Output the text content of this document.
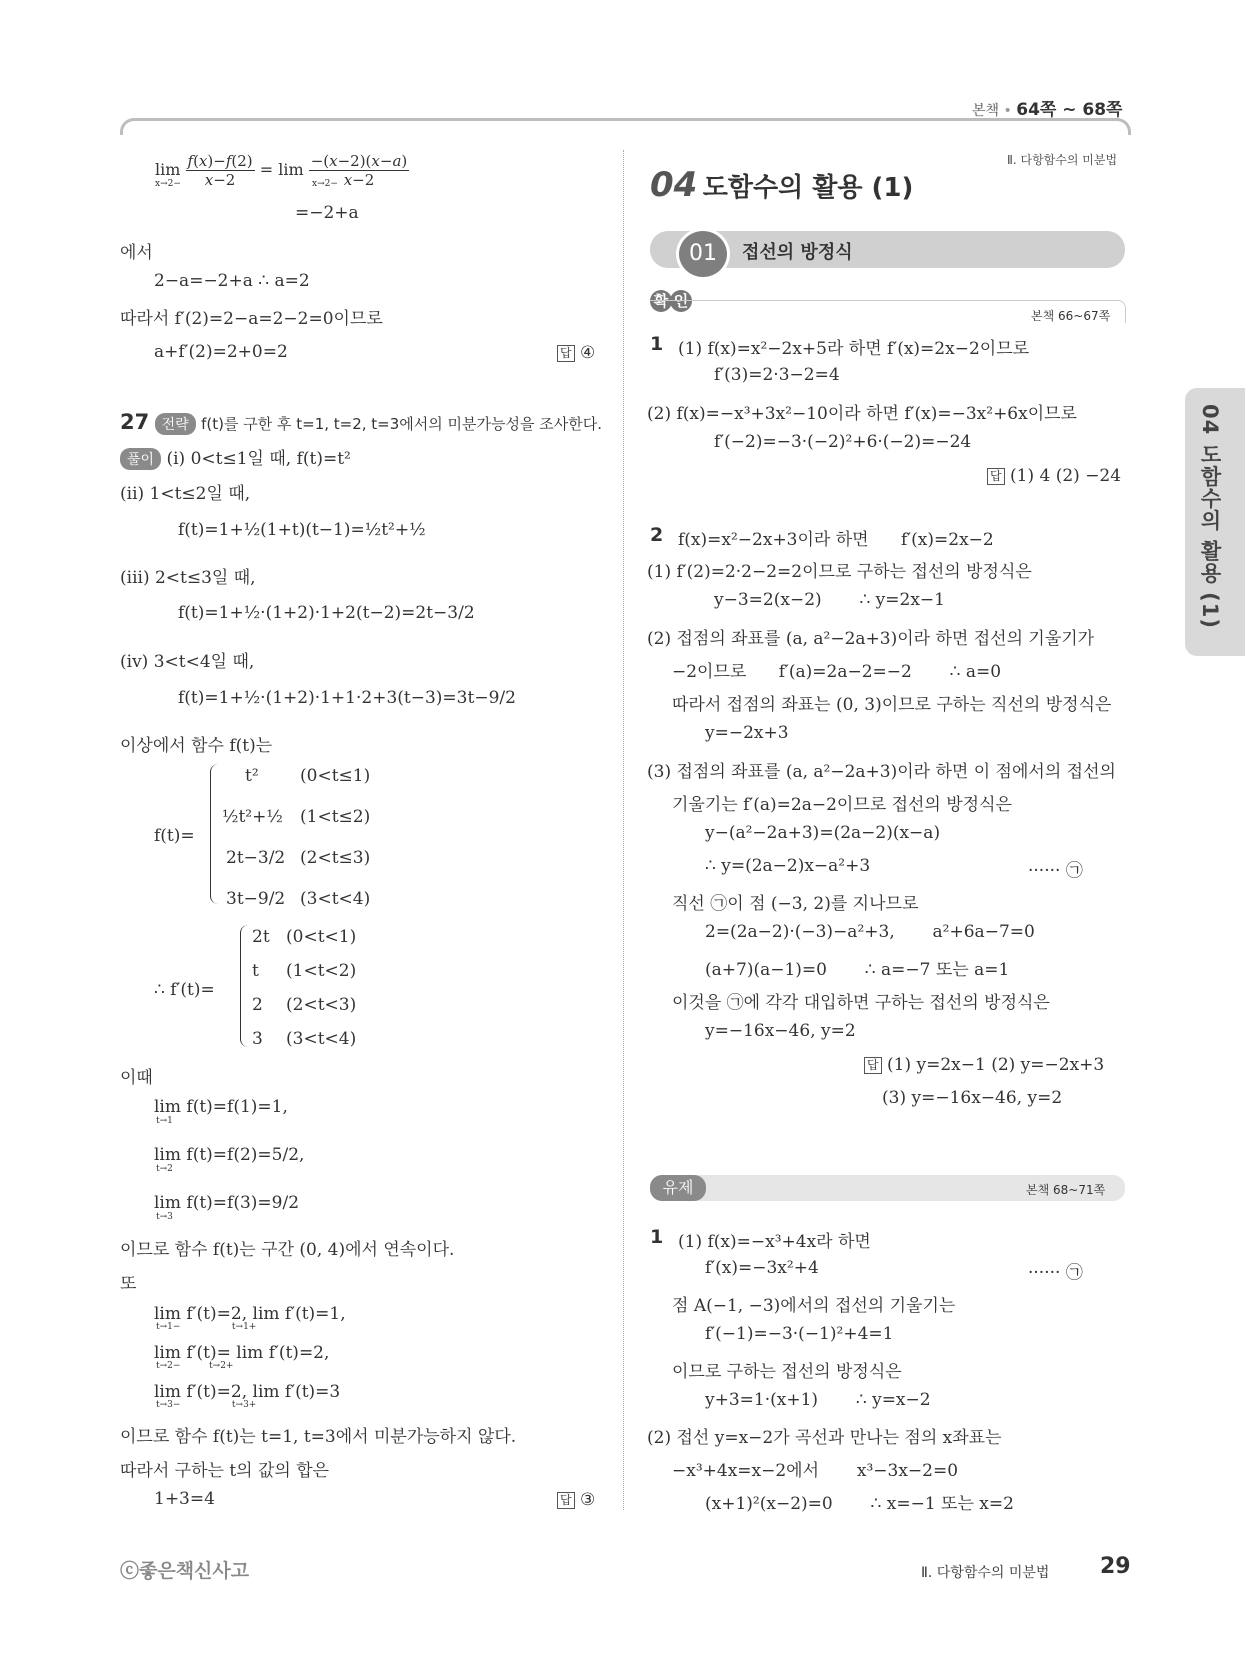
본책 • 64쪽 ~ 68쪽
Ⅱ. 다항함수의 미분법
04 도함수의 활용 (1)
$\lim \frac{f(x)-f(2)}{x-2} = \lim \frac{-(x-2)(x-a)}{x-2}$
x→2−	x→2−
=−2+a
에서
2−a=−2+a ∴ a=2
따라서 f′(2)=2−a=2−2=0이므로
a+f′(2)=2+0=2	답 ④
27 전략 f(t)를 구한 후 t=1, t=2, t=3에서의 미분가능성을 조사한다.
풀이 (i) 0<t≤1일 때, f(t)=t²
(ii) 1<t≤2일 때,
f(t)=1+½(1+t)(t−1)=½t²+½
(iii) 2<t≤3일 때,
f(t)=1+½·(1+2)·1+2(t−2)=2t−3/2
(iv) 3<t<4일 때,
f(t)=1+½·(1+2)·1+1·2+3(t−3)=3t−9/2
이상에서 함수 f(t)는
f(t)=
t² (0<t≤1)
½t²+½ (1<t≤2)
2t−3/2 (2<t≤3)
3t−9/2 (3<t<4)
∴ f′(t)=
2t (0<t<1)
t (1<t<2)
2 (2<t<3)
3 (3<t<4)
이때
lim f(t)=f(1)=1,
t→1
lim f(t)=f(2)=5/2,
t→2
lim f(t)=f(3)=9/2
t→3
이므로 함수 f(t)는 구간 (0, 4)에서 연속이다.
또
lim f′(t)=2, lim f′(t)=1,
t→1−                  t→1+
lim f′(t)= lim f′(t)=2,
t→2−          t→2+
lim f′(t)=2, lim f′(t)=3
t→3−                  t→3+
이므로 함수 f(t)는 t=1, t=3에서 미분가능하지 않다.
따라서 구하는 t의 값의 합은
1+3=4	답 ③
04 도함수의 활용 (1)
01	접선의 방정식
확 인
본책 66~67쪽
1 (1) f(x)=x²−2x+5라 하면 f′(x)=2x−2이므로
f′(3)=2·3−2=4
(2) f(x)=−x³+3x²−10이라 하면 f′(x)=−3x²+6x이므로
f′(−2)=−3·(−2)²+6·(−2)=−24
답 (1) 4 (2) −24
2 f(x)=x²−2x+3이라 하면      f′(x)=2x−2
(1) f′(2)=2·2−2=2이므로 구하는 접선의 방정식은
y−3=2(x−2)       ∴ y=2x−1
(2) 접점의 좌표를 (a, a²−2a+3)이라 하면 접선의 기울기가
−2이므로      f′(a)=2a−2=−2       ∴ a=0
따라서 접점의 좌표는 (0, 3)이므로 구하는 직선의 방정식은
y=−2x+3
(3) 접점의 좌표를 (a, a²−2a+3)이라 하면 이 점에서의 접선의
기울기는 f′(a)=2a−2이므로 접선의 방정식은
y−(a²−2a+3)=(2a−2)(x−a)
∴ y=(2a−2)x−a²+3	······ ㉠
직선 ㉠이 점 (−3, 2)를 지나므로
2=(2a−2)·(−3)−a²+3,       a²+6a−7=0
(a+7)(a−1)=0       ∴ a=−7 또는 a=1
이것을 ㉠에 각각 대입하면 구하는 접선의 방정식은
y=−16x−46, y=2
답 (1) y=2x−1 (2) y=−2x+3
(3) y=−16x−46, y=2
유제	본책 68~71쪽
1 (1) f(x)=−x³+4x라 하면
f′(x)=−3x²+4	······ ㉠
점 A(−1, −3)에서의 접선의 기울기는
f′(−1)=−3·(−1)²+4=1
이므로 구하는 접선의 방정식은
y+3=1·(x+1)       ∴ y=x−2
(2) 접선 y=x−2가 곡선과 만나는 점의 x좌표는
−x³+4x=x−2에서       x³−3x−2=0
(x+1)²(x−2)=0       ∴ x=−1 또는 x=2
ⓒ좋은책신사고	Ⅱ. 다항함수의 미분법 29
